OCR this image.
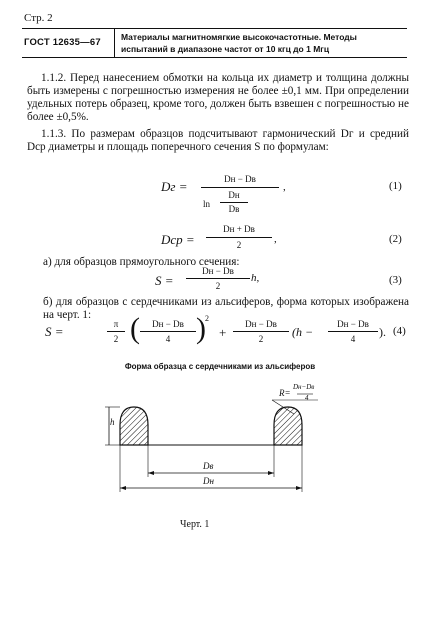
Стр. 2
ГОСТ 12635—67 Материалы магнитномягкие высокочастотные. Методы испытаний в диапазоне частот от 10 кгц до 1 Мгц
1.1.2. Перед нанесением обмотки на кольца их диаметр и толщина должны быть измерены с погрешностью измерения не более ±0,1 мм. При определении удельных потерь образец, кроме того, должен быть взвешен с погрешностью не более ±0,5%.
1.1.3. По размерам образцов подсчитывают гармонический Dг и средний Dср диаметры и площадь поперечного сечения S по формулам:
Dг =	Dн − Dв
ln
Dн
Dв
,	(1)
Dср =
Dн + Dв
2	,	(2)
а) для образцов прямоугольного сечения:
S =
Dн − Dв
2
h,	(3)
б) для образцов с сердечниками из альсиферов, форма которых изображена на черт. 1:
S =	π
2 (	Dн − Dв
4 ) 2
+
Dн − Dв
2	(h −
Dн − Dв
4	). (4)
Форма образца с сердечниками из альсиферов
h
R=
Dн−Dв
4
Dв
Dн
Черт. 1
